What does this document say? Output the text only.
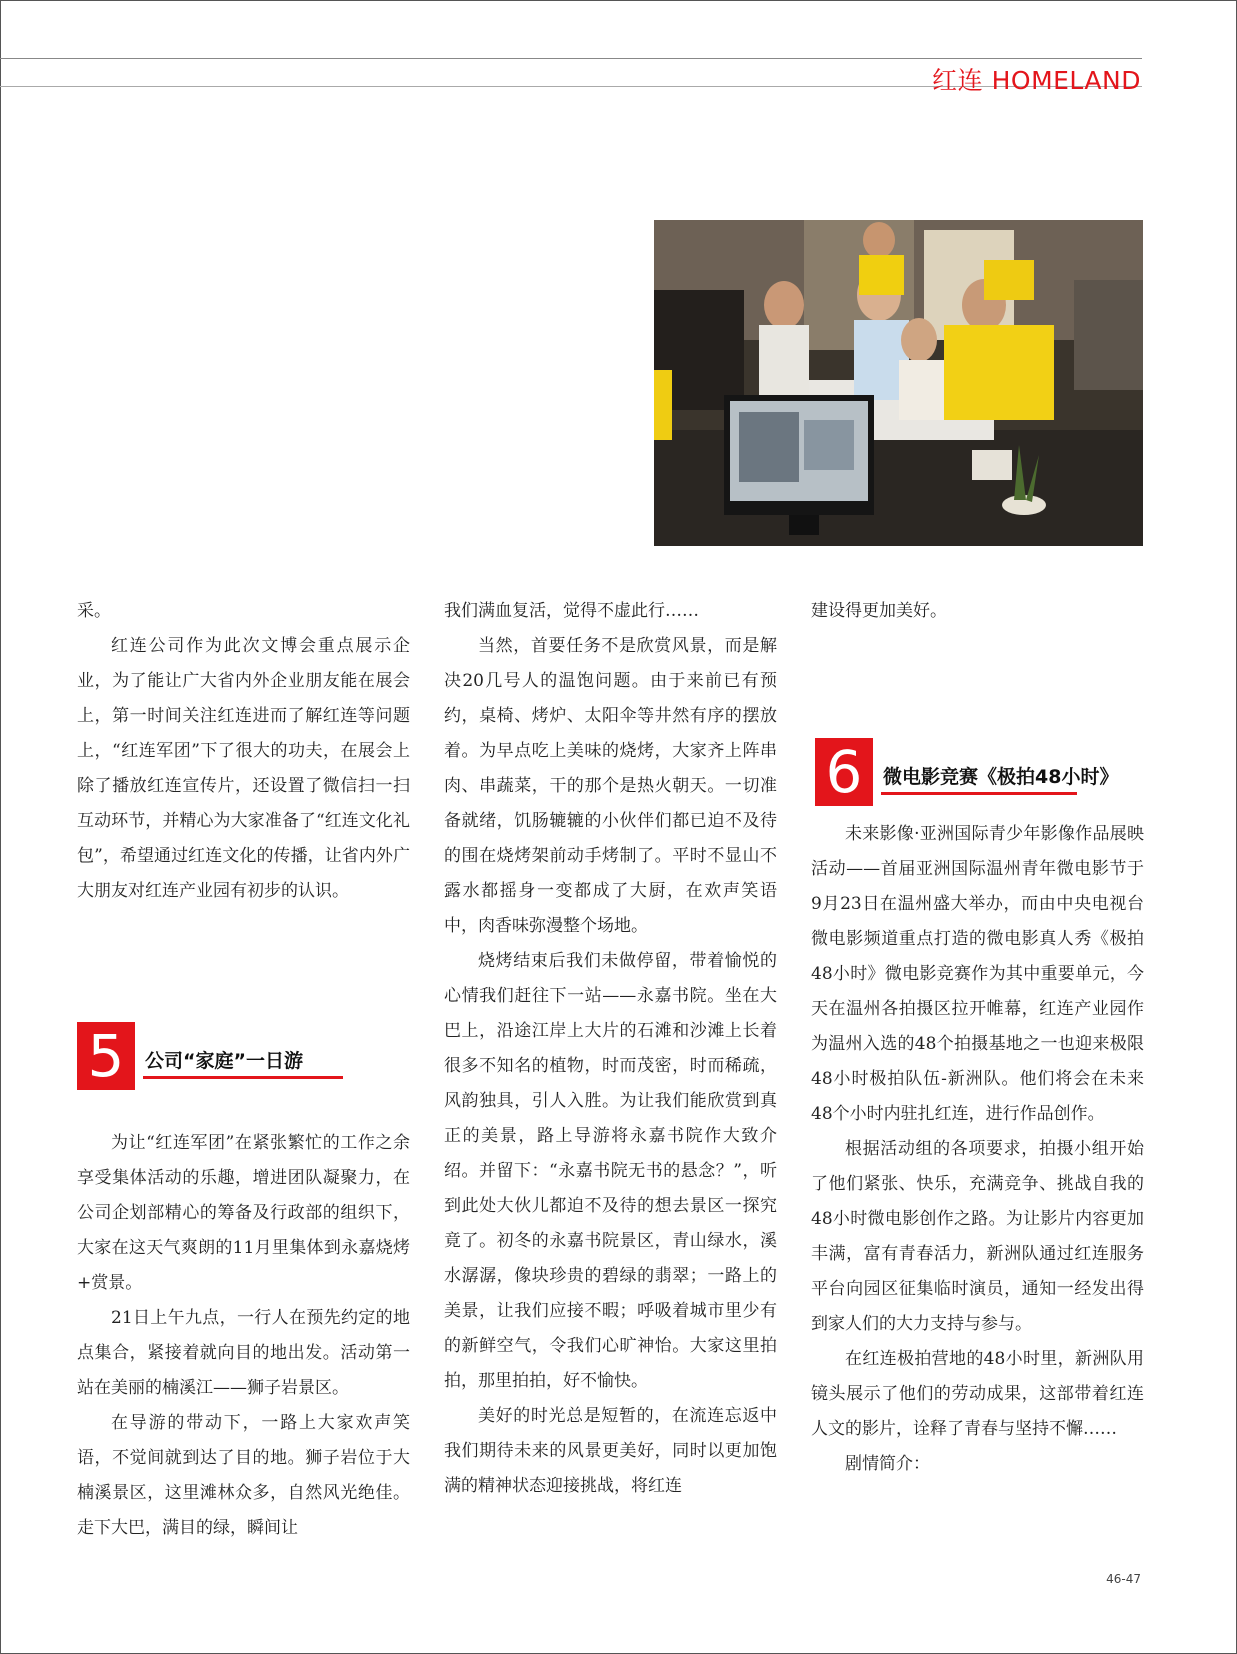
红连 HOMELAND

采。

红连公司作为此次文博会重点展示企业，为了能让广大省内外企业朋友能在展会上，第一时间关注红连进而了解红连等问题上，“红连军团”下了很大的功夫，在展会上除了播放红连宣传片，还设置了微信扫一扫互动环节，并精心为大家准备了“红连文化礼包”，希望通过红连文化的传播，让省内外广大朋友对红连产业园有初步的认识。

5	公司“家庭”一日游

为让“红连军团”在紧张繁忙的工作之余享受集体活动的乐趣，增进团队凝聚力，在公司企划部精心的筹备及行政部的组织下，大家在这天气爽朗的11月里集体到永嘉烧烤+赏景。

21日上午九点，一行人在预先约定的地点集合，紧接着就向目的地出发。活动第一站在美丽的楠溪江——狮子岩景区。

在导游的带动下，一路上大家欢声笑语，不觉间就到达了目的地。狮子岩位于大楠溪景区，这里滩林众多，自然风光绝佳。走下大巴，满目的绿，瞬间让

我们满血复活，觉得不虚此行……

当然，首要任务不是欣赏风景，而是解决20几号人的温饱问题。由于来前已有预约，桌椅、烤炉、太阳伞等井然有序的摆放着。为早点吃上美味的烧烤，大家齐上阵串肉、串蔬菜，干的那个是热火朝天。一切准备就绪，饥肠辘辘的小伙伴们都已迫不及待的围在烧烤架前动手烤制了。平时不显山不露水都摇身一变都成了大厨，在欢声笑语中，肉香味弥漫整个场地。

烧烤结束后我们未做停留，带着愉悦的心情我们赶往下一站——永嘉书院。坐在大巴上，沿途江岸上大片的石滩和沙滩上长着很多不知名的植物，时而茂密，时而稀疏，风韵独具，引人入胜。为让我们能欣赏到真正的美景，路上导游将永嘉书院作大致介绍。并留下：“永嘉书院无书的悬念？”，听到此处大伙儿都迫不及待的想去景区一探究竟了。初冬的永嘉书院景区，青山绿水，溪水潺潺，像块珍贵的碧绿的翡翠；一路上的美景，让我们应接不暇；呼吸着城市里少有的新鲜空气，令我们心旷神怡。大家这里拍拍，那里拍拍，好不愉快。

美好的时光总是短暂的，在流连忘返中我们期待未来的风景更美好，同时以更加饱满的精神状态迎接挑战，将红连

建设得更加美好。

6	微电影竞赛《极拍48小时》

未来影像·亚洲国际青少年影像作品展映活动——首届亚洲国际温州青年微电影节于9月23日在温州盛大举办，而由中央电视台微电影频道重点打造的微电影真人秀《极拍48小时》微电影竞赛作为其中重要单元，今天在温州各拍摄区拉开帷幕，红连产业园作为温州入选的48个拍摄基地之一也迎来极限48小时极拍队伍-新洲队。他们将会在未来48个小时内驻扎红连，进行作品创作。

根据活动组的各项要求，拍摄小组开始了他们紧张、快乐，充满竞争、挑战自我的48小时微电影创作之路。为让影片内容更加丰满，富有青春活力，新洲队通过红连服务平台向园区征集临时演员，通知一经发出得到家人们的大力支持与参与。

在红连极拍营地的48小时里，新洲队用镜头展示了他们的劳动成果，这部带着红连人文的影片，诠释了青春与坚持不懈……

剧情简介：

46-47
